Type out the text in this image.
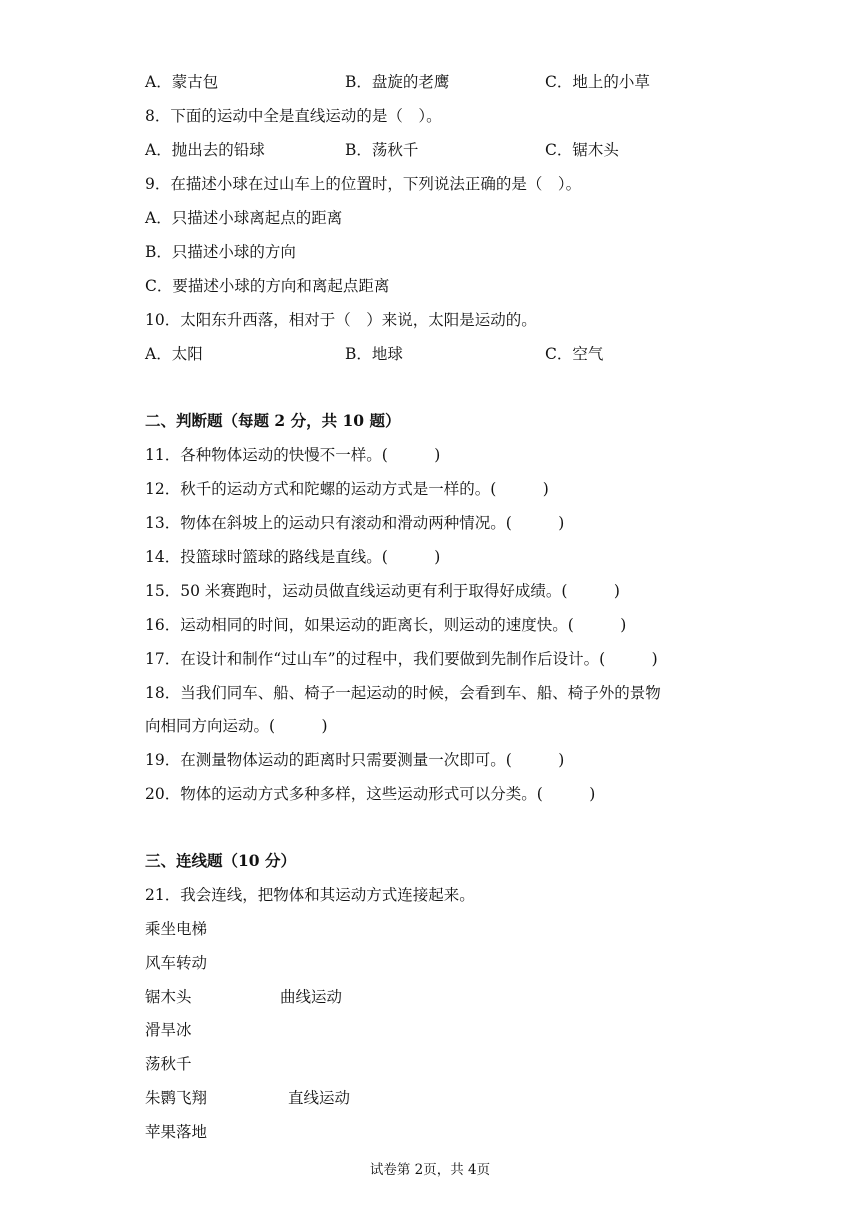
A．蒙古包	B．盘旋的老鹰	C．地上的小草
8．下面的运动中全是直线运动的是（　）。
A．抛出去的铅球	B．荡秋千	C．锯木头
9．在描述小球在过山车上的位置时，下列说法正确的是（　）。
A．只描述小球离起点的距离
B．只描述小球的方向
C．要描述小球的方向和离起点距离
10．太阳东升西落，相对于（　）来说，太阳是运动的。
A．太阳	B．地球	C．空气
二、判断题（每题 2 分，共 10 题）
11．各种物体运动的快慢不一样。(　　　)
12．秋千的运动方式和陀螺的运动方式是一样的。(　　　)
13．物体在斜坡上的运动只有滚动和滑动两种情况。(　　　)
14．投篮球时篮球的路线是直线。(　　　)
15．50 米赛跑时，运动员做直线运动更有利于取得好成绩。(　　　)
16．运动相同的时间，如果运动的距离长，则运动的速度快。(　　　)
17．在设计和制作“过山车”的过程中，我们要做到先制作后设计。(　　　)
18．当我们同车、船、椅子一起运动的时候，会看到车、船、椅子外的景物
向相同方向运动。(　　　)
19．在测量物体运动的距离时只需要测量一次即可。(　　　)
20．物体的运动方式多种多样，这些运动形式可以分类。(　　　)
三、连线题（10 分）
21．我会连线，把物体和其运动方式连接起来。
乘坐电梯
风车转动
锯木头	曲线运动
滑旱冰
荡秋千
朱鹮飞翔	直线运动
苹果落地
试卷第 2页，共 4页
